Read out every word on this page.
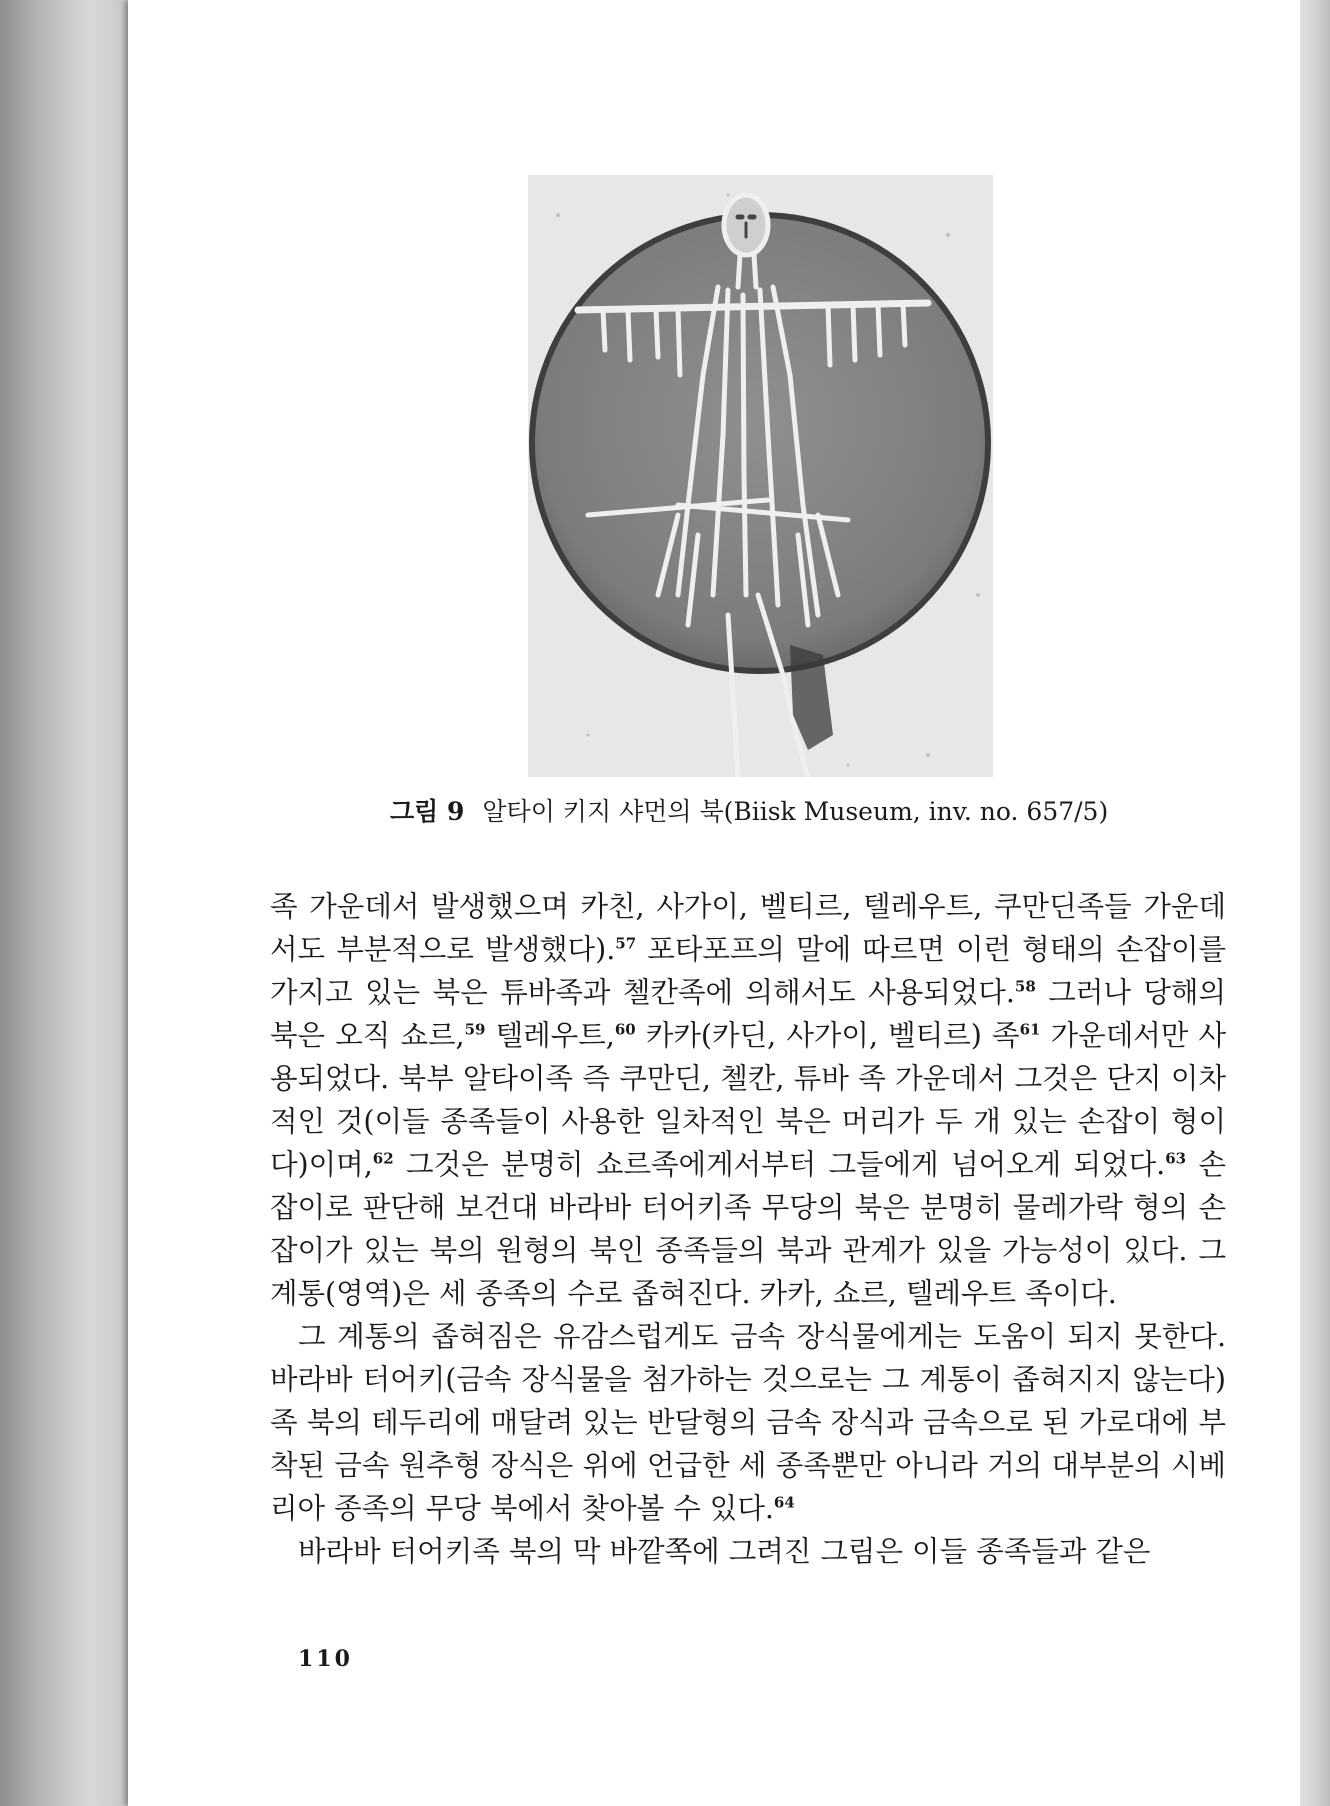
그림 9 알타이 키지 샤먼의 북(Biisk Museum, inv. no. 657/5)

족 가운데서 발생했으며 카친, 사가이, 벨티르, 텔레우트, 쿠만딘족들 가운데서도 부분적으로 발생했다).$^{57}$ 포타포프의 말에 따르면 이런 형태의 손잡이를 가지고 있는 북은 튜바족과 첼칸족에 의해서도 사용되었다.$^{58}$ 그러나 당해의 북은 오직 쇼르,$^{59}$ 텔레우트,$^{60}$ 카카(카딘, 사가이, 벨티르) 족$^{61}$ 가운데서만 사용되었다. 북부 알타이족 즉 쿠만딘, 첼칸, 튜바 족 가운데서 그것은 단지 이차적인 것(이들 종족들이 사용한 일차적인 북은 머리가 두 개 있는 손잡이 형이다)이며,$^{62}$ 그것은 분명히 쇼르족에게서부터 그들에게 넘어오게 되었다.$^{63}$ 손잡이로 판단해 보건대 바라바 터어키족 무당의 북은 분명히 물레가락 형의 손잡이가 있는 북의 원형의 북인 종족들의 북과 관계가 있을 가능성이 있다. 그 계통(영역)은 세 종족의 수로 좁혀진다. 카카, 쇼르, 텔레우트 족이다.

그 계통의 좁혀짐은 유감스럽게도 금속 장식물에게는 도움이 되지 못한다. 바라바 터어키(금속 장식물을 첨가하는 것으로는 그 계통이 좁혀지지 않는다)족 북의 테두리에 매달려 있는 반달형의 금속 장식과 금속으로 된 가로대에 부착된 금속 원추형 장식은 위에 언급한 세 종족뿐만 아니라 거의 대부분의 시베리아 종족의 무당 북에서 찾아볼 수 있다.$^{64}$

바라바 터어키족 북의 막 바깥쪽에 그려진 그림은 이들 종족들과 같은

110
